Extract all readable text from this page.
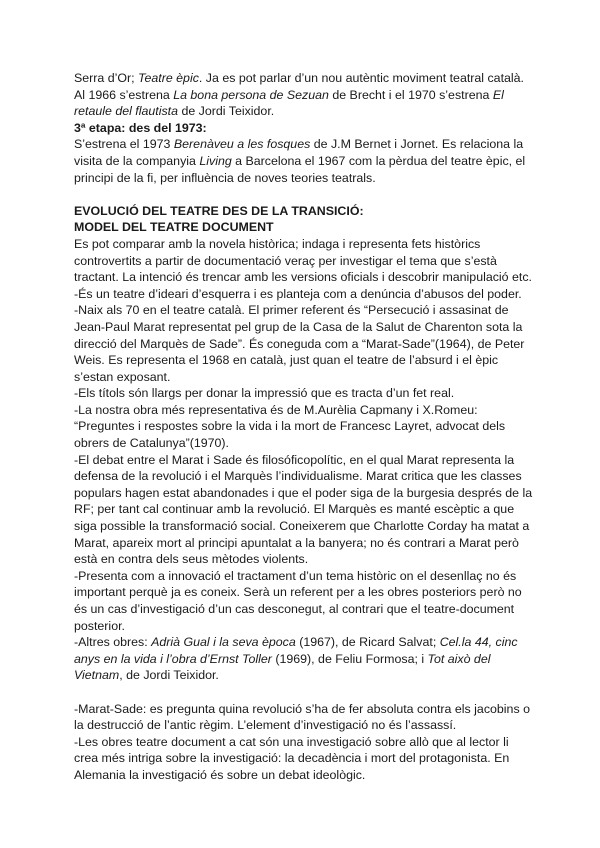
Serra d’Or; Teatre èpic. Ja es pot parlar d’un nou autèntic moviment teatral català. Al 1966 s’estrena La bona persona de Sezuan de Brecht i el 1970 s’estrena El retaule del flautista de Jordi Teixidor.

3ª etapa: des del 1973:

S’estrena el 1973 Berenàveu a les fosques de J.M Bernet i Jornet. Es relaciona la visita de la companyia Living a Barcelona el 1967 com la pèrdua del teatre èpic, el principi de la fi, per influència de noves teories teatrals.

EVOLUCIÓ DEL TEATRE DES DE LA TRANSICIÓ:

MODEL DEL TEATRE DOCUMENT

Es pot comparar amb la novela històrica; indaga i representa fets històrics controvertits a partir de documentació veraç per investigar el tema que s’està tractant. La intenció és trencar amb les versions oficials i descobrir manipulació etc.

-És un teatre d’ideari d’esquerra i es planteja com a denúncia d’abusos del poder.

-Naix als 70 en el teatre català. El primer referent és “Persecució i assasinat de Jean-Paul Marat representat pel grup de la Casa de la Salut de Charenton sota la direcció del Marquès de Sade”. És coneguda com a “Marat-Sade”(1964), de Peter Weis. Es representa el 1968 en català, just quan el teatre de l’absurd i el èpic s’estan exposant.

-Els títols són llargs per donar la impressió que es tracta d’un fet real.

-La nostra obra més representativa és de M.Aurèlia Capmany i X.Romeu: “Preguntes i respostes sobre la vida i la mort de Francesc Layret, advocat dels obrers de Catalunya”(1970).

-El debat entre el Marat i Sade és filosóficopolític, en el qual Marat representa la defensa de la revolució i el Marquès l’individualisme. Marat critica que les classes populars hagen estat abandonades i que el poder siga de la burgesia després de la RF; per tant cal continuar amb la revolució. El Marquès es manté escèptic a que siga possible la transformació social. Coneixerem que Charlotte Corday ha matat a Marat, apareix mort al principi apuntalat a la banyera; no és contrari a Marat però està en contra dels seus mètodes violents.

-Presenta com a innovació el tractament d’un tema històric on el desenllaç no és important perquè ja es coneix. Serà un referent per a les obres posteriors però no és un cas d’investigació d’un cas desconegut, al contrari que el teatre-document posterior.

-Altres obres: Adrià Gual i la seva època (1967), de Ricard Salvat; Cel.la 44, cinc anys en la vida i l’obra d’Ernst Toller (1969), de Feliu Formosa; i Tot això del Vietnam, de Jordi Teixidor.

-Marat-Sade: es pregunta quina revolució s’ha de fer absoluta contra els jacobins o la destrucció de l’antic règim. L’element d’investigació no és l’assassí.

-Les obres teatre document a cat són una investigació sobre allò que al lector li crea més intriga sobre la investigació: la decadència i mort del protagonista. En Alemania la investigació és sobre un debat ideològic.
